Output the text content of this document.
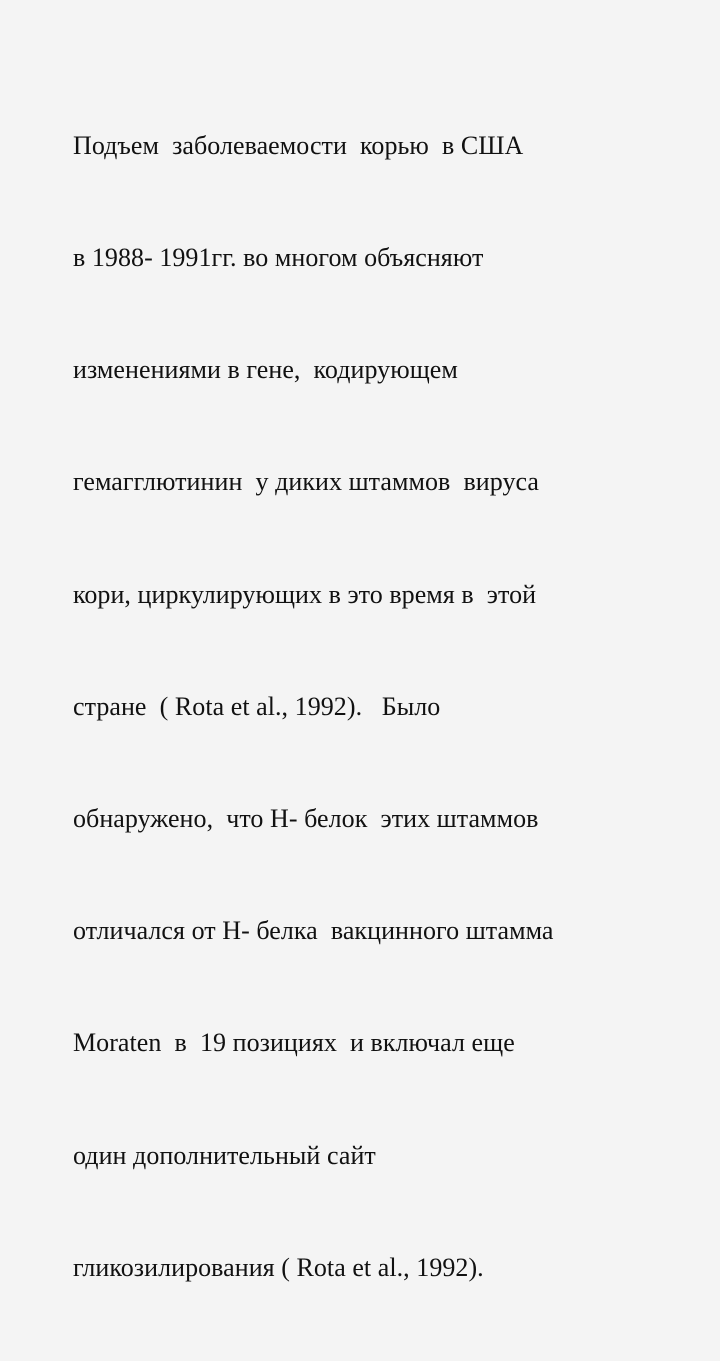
Подъем  заболеваемости  корью  в США

в 1988- 1991гг. во многом объясняют

изменениями в гене,  кодирующем

гемагглютинин  у диких штаммов  вируса

кори, циркулирующих в это время в  этой

стране  ( Rota et al., 1992).   Было

обнаружено,  что Н- белок  этих штаммов

отличался от Н- белка  вакцинного штамма

Moraten  в  19 позициях  и включал еще

один дополнительный сайт

гликозилирования ( Rota et al., 1992).
